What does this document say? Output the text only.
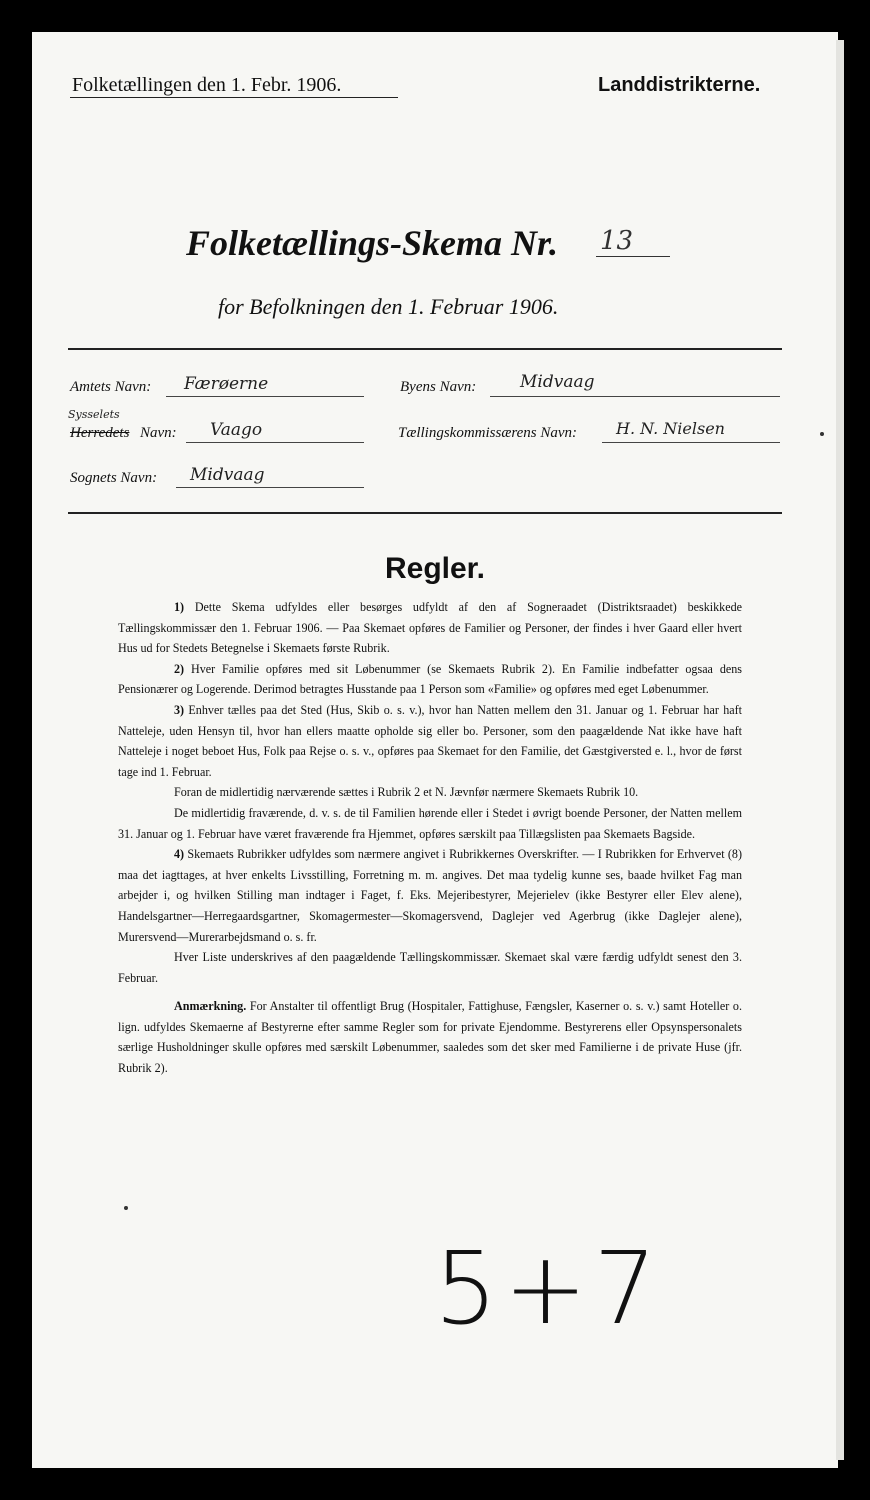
Folketællingen den 1. Febr. 1906.	Landdistrikterne.
Folketællings-Skema Nr. 13
for Befolkningen den 1. Februar 1906.
Amtets Navn: Færøerne	Byens Navn:	Midvaag
Sysselets
Herredets Navn: Vaago	Tællingskommissærens Navn: H. N. Nielsen
Sognets Navn: Midvaag
Regler.

1) Dette Skema udfyldes eller besørges udfyldt af den af Sogneraadet (Distriktsraadet) beskikkede Tællingskommissær den 1. Februar 1906. — Paa Skemaet opføres de Familier og Personer, der findes i hver Gaard eller hvert Hus ud for Stedets Betegnelse i Skemaets første Rubrik.

2) Hver Familie opføres med sit Løbenummer (se Skemaets Rubrik 2). En Familie indbefatter ogsaa dens Pensionærer og Logerende. Derimod betragtes Husstande paa 1 Person som «Familie» og opføres med eget Løbenummer.

3) Enhver tælles paa det Sted (Hus, Skib o. s. v.), hvor han Natten mellem den 31. Januar og 1. Februar har haft Natteleje, uden Hensyn til, hvor han ellers maatte opholde sig eller bo. Personer, som den paagældende Nat ikke have haft Natteleje i noget beboet Hus, Folk paa Rejse o. s. v., opføres paa Skemaet for den Familie, det Gæstgiversted e. l., hvor de først tage ind 1. Februar.

Foran de midlertidig nærværende sættes i Rubrik 2 et N. Jævnfør nærmere Skemaets Rubrik 10.

De midlertidig fraværende, d. v. s. de til Familien hørende eller i Stedet i øvrigt boende Personer, der Natten mellem 31. Januar og 1. Februar have været fraværende fra Hjemmet, opføres særskilt paa Tillægslisten paa Skemaets Bagside.

4) Skemaets Rubrikker udfyldes som nærmere angivet i Rubrikkernes Overskrifter. — I Rubrikken for Erhvervet (8) maa det iagttages, at hver enkelts Livsstilling, Forretning m. m. angives. Det maa tydelig kunne ses, baade hvilket Fag man arbejder i, og hvilken Stilling man indtager i Faget, f. Eks. Mejeribestyrer, Mejerielev (ikke Bestyrer eller Elev alene), Handelsgartner—Herregaardsgartner, Skomagermester—Skomagersvend, Daglejer ved Agerbrug (ikke Daglejer alene), Murersvend—Murerarbejdsmand o. s. fr.

Hver Liste underskrives af den paagældende Tællingskommissær. Skemaet skal være færdig udfyldt senest den 3. Februar.

Anmærkning. For Anstalter til offentligt Brug (Hospitaler, Fattighuse, Fængsler, Kaserner o. s. v.) samt Hoteller o. lign. udfyldes Skemaerne af Bestyrerne efter samme Regler som for private Ejendomme. Bestyrerens eller Opsynspersonalets særlige Husholdninger skulle opføres med særskilt Løbenummer, saaledes som det sker med Familierne i de private Huse (jfr. Rubrik 2).

5+7
